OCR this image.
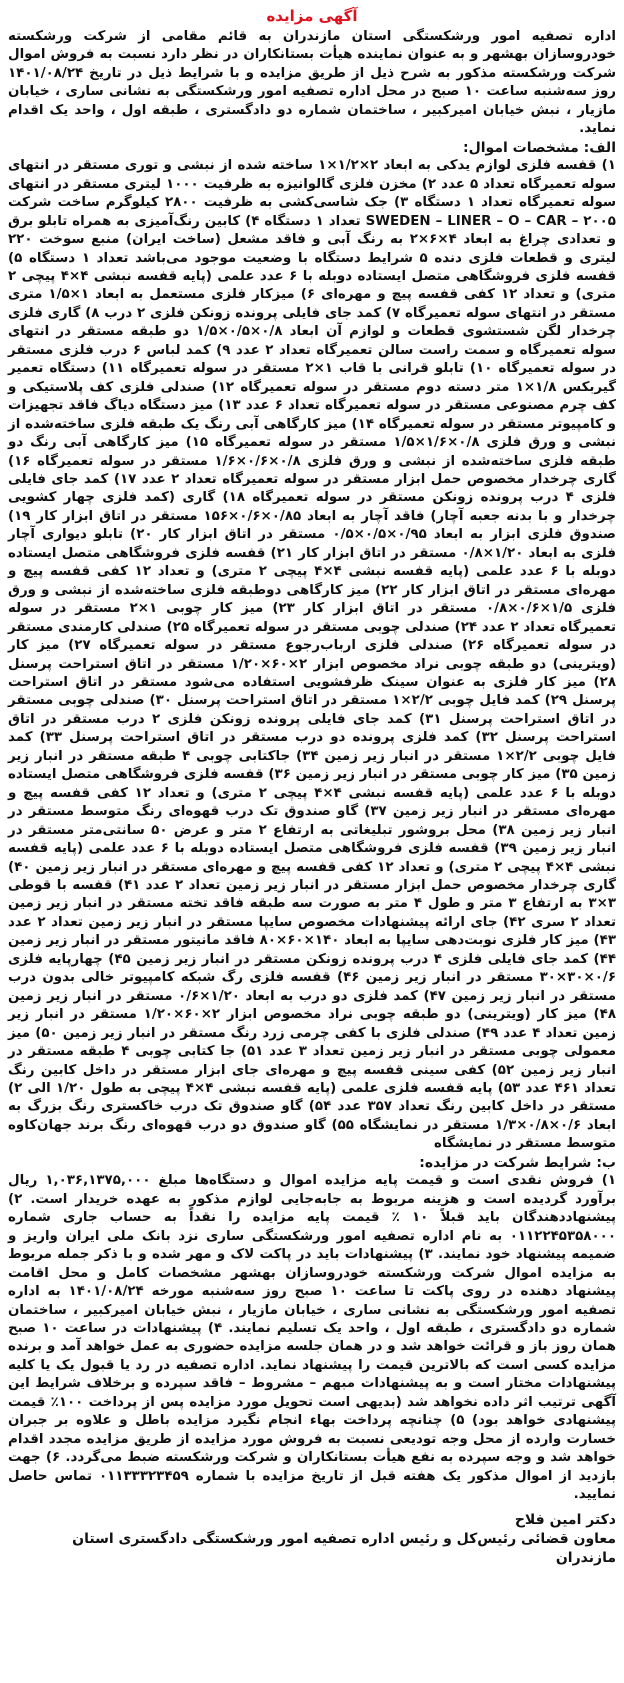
آگهی مزایده

اداره تصفیه امور ورشکستگی استان مازندران به قائم مقامی از شرکت ورشکسته خودروسازان بهشهر و به عنوان نماینده هیأت بستانکاران در نظر دارد نسبت به فروش اموال شرکت ورشکسته مذکور به شرح ذیل از طریق مزایده و با شرایط ذیل در تاریخ ۱۴۰۱/۰۸/۲۴ روز سه‌شنبه ساعت ۱۰ صبح در محل اداره تصفیه امور ورشکستگی به نشانی ساری ، خیابان مازیار ، نبش خیابان امیرکبیر ، ساختمان شماره دو دادگستری ، طبقه اول ، واحد یک اقدام نماید.

الف: مشخصات اموال:

۱) قفسه فلزی لوازم یدکی به ابعاد ۲×۱/۲×۱ ساخته شده از نبشی و توری مستقر در انتهای سوله تعمیرگاه تعداد ۵ عدد ۲) مخزن فلزی گالوانیزه به ظرفیت ۱۰۰۰ لیتری مستقر در انتهای سوله تعمیرگاه تعداد ۱ دستگاه ۳) جک شاسی‌کشی به ظرفیت ۲۸۰۰ کیلوگرم ساخت شرکت SWEDEN – LINER – O – CAR – ۲۰۰۵ تعداد ۱ دستگاه ۴) کابین رنگ‌آمیزی به همراه تابلو برق و تعدادی چراغ به ابعاد ۴×۶×۲ به رنگ آبی و فاقد مشعل (ساخت ایران) منبع سوخت ۲۲۰ لیتری و قطعات فلزی دنده ۵ شرایط دستگاه با وضعیت موجود می‌باشد تعداد ۱ دستگاه ۵) قفسه فلزی فروشگاهی متصل ایستاده دوبله با ۶ عدد علمی (پایه قفسه نبشی ۴×۴ پیچی ۲ متری) و تعداد ۱۲ کفی قفسه پیچ و مهره‌ای ۶) میزکار فلزی مستعمل به ابعاد ۱×۱/۵ متری مستقر در انتهای سوله تعمیرگاه ۷) کمد جای فایلی پرونده زونکن فلزی ۲ درب ۸) گاری فلزی چرخدار لگن شستشوی قطعات و لوازم آن ابعاد ۰/۸×۰/۵×۱/۵ دو طبقه مستقر در انتهای سوله تعمیرگاه و سمت راست سالن تعمیرگاه تعداد ۲ عدد ۹) کمد لباس ۶ درب فلزی مستقر در سوله تعمیرگاه ۱۰) تابلو قرانی با قاب ۱×۲ مستقر در سوله تعمیرگاه ۱۱) دستگاه تعمیر گیربکس ۱/۸×۱ متر دسته دوم مستقر در سوله تعمیرگاه ۱۲) صندلی فلزی کف پلاستیکی و کف چرم مصنوعی مستقر در سوله تعمیرگاه تعداد ۶ عدد ۱۳) میز دستگاه دیاگ فاقد تجهیزات و کامپیوتر مستقر در سوله تعمیرگاه ۱۴) میز کارگاهی آبی رنگ یک طبقه فلزی ساخته‌شده از نبشی و ورق فلزی ۰/۸×۱/۶×۱/۵ مستقر در سوله تعمیرگاه ۱۵) میز کارگاهی آبی رنگ دو طبقه فلزی ساخته‌شده از نبشی و ورق فلزی ۰/۸×۰/۶×۱/۶ مستقر در سوله تعمیرگاه ۱۶) گاری چرخدار مخصوص حمل ابزار مستقر در سوله تعمیرگاه تعداد ۲ عدد ۱۷) کمد جای فایلی فلزی ۴ درب پرونده زونکن مستقر در سوله تعمیرگاه ۱۸) گاری (کمد فلزی چهار کشویی چرخدار و با بدنه جعبه آچار) فاقد آچار به ابعاد ۰/۸۵×۰/۶×۱۵۶ مستقر در اتاق ابزار کار ۱۹) صندوق فلزی ابزار به ابعاد ۰/۹۵×۰/۵×۰/۵ مستقر در اتاق ابزار کار ۲۰) تابلو دیواری آچار فلزی به ابعاد ۱/۲۰×۰/۸ مستقر در اتاق ابزار کار ۲۱) قفسه فلزی فروشگاهی متصل ایستاده دوبله با ۶ عدد علمی (پایه قفسه نبشی ۴×۴ پیچی ۲ متری) و تعداد ۱۲ کفی قفسه پیچ و مهره‌ای مستقر در اتاق ابزار کار ۲۲) میز کارگاهی دوطبقه فلزی ساخته‌شده از نبشی و ورق فلزی ۱/۵×۰/۶×۰/۸ مستقر در اتاق ابزار کار ۲۳) میز کار چوبی ۱×۲ مستقر در سوله تعمیرگاه تعداد ۲ عدد ۲۴) صندلی چوبی مستقر در سوله تعمیرگاه ۲۵) صندلی کارمندی مستقر در سوله تعمیرگاه ۲۶) صندلی فلزی ارباب‌رجوع مستقر در سوله تعمیرگاه ۲۷) میز کار (ویترینی) دو طبقه چوبی نراد مخصوص ابزار ۲×۶۰×۱/۲۰ مستقر در اتاق استراحت پرسنل ۲۸) میز کار فلزی به عنوان سینک ظرفشویی استفاده می‌شود مستقر در اتاق استراحت پرسنل ۲۹) کمد فایل چوبی ۲/۲×۱ مستقر در اتاق استراحت پرسنل ۳۰) صندلی چوبی مستقر در اتاق استراحت پرسنل ۳۱) کمد جای فایلی پرونده زونکن فلزی ۲ درب مستقر در اتاق استراحت پرسنل ۳۲) کمد فلزی پرونده دو درب مستقر در اتاق استراحت پرسنل ۳۳) کمد فایل چوبی ۲/۲×۱ مستقر در انبار زیر زمین ۳۴) جاکتابی چوبی ۴ طبقه مستقر در انبار زیر زمین ۳۵) میز کار چوبی مستقر در انبار زیر زمین ۳۶) قفسه فلزی فروشگاهی متصل ایستاده دوبله با ۶ عدد علمی (پایه قفسه نبشی ۴×۴ پیچی ۲ متری) و تعداد ۱۲ کفی قفسه پیچ و مهره‌ای مستقر در انبار زیر زمین ۳۷) گاو صندوق تک درب قهوه‌ای رنگ متوسط مستقر در انبار زیر زمین ۳۸) محل بروشور تبلیغاتی به ارتفاع ۲ متر و عرض ۵۰ سانتی‌متر مستقر در انبار زیر زمین ۳۹) قفسه فلزی فروشگاهی متصل ایستاده دوبله با ۶ عدد علمی (پایه قفسه نبشی ۴×۴ پیچی ۲ متری) و تعداد ۱۲ کفی قفسه پیچ و مهره‌ای مستقر در انبار زیر زمین ۴۰) گاری چرخدار مخصوص حمل ابزار مستقر در انبار زیر زمین تعداد ۲ عدد ۴۱) قفسه با قوطی ۳×۳ به ارتفاع ۳ متر و طول ۴ متر به صورت سه طبقه فاقد تخته مستقر در انبار زیر زمین تعداد ۲ سری ۴۲) جای ارائه پیشنهادات مخصوص سایپا مستقر در انبار زیر زمین تعداد ۲ عدد ۴۳) میز کار فلزی نوبت‌دهی سایپا به ابعاد ۱۴۰×۶۰×۸۰ فاقد مانیتور مستقر در انبار زیر زمین ۴۴) کمد جای فایلی فلزی ۴ درب پرونده زونکن مستقر در انبار زیر زمین ۴۵) چهارپایه فلزی ۰/۶×۳۰×۳۰ مستقر در انبار زیر زمین ۴۶) قفسه فلزی رگ شبکه کامپیوتر خالی بدون درب مستقر در انبار زیر زمین ۴۷) کمد فلزی دو درب به ابعاد ۱/۲۰×۰/۶ مستقر در انبار زیر زمین ۴۸) میز کار (ویترینی) دو طبقه چوبی نراد مخصوص ابزار ۲×۶۰×۱/۲۰ مستقر در انبار زیر زمین تعداد ۴ عدد ۴۹) صندلی فلزی با کفی چرمی زرد رنگ مستقر در انبار زیر زمین ۵۰) میز معمولی چوبی مستقر در انبار زیر زمین تعداد ۳ عدد ۵۱) جا کتابی چوبی ۴ طبقه مستقر در انبار زیر زمین ۵۲) کفی سینی قفسه پیچ و مهره‌ای جای ابزار مستقر در داخل کابین رنگ تعداد ۴۶۱ عدد ۵۳) پایه قفسه فلزی علمی (پایه قفسه نبشی ۴×۴ پیچی به طول ۱/۲۰ الی ۲) مستقر در داخل کابین رنگ تعداد ۳۵۷ عدد ۵۴) گاو صندوق تک درب خاکستری رنگ بزرگ به ابعاد ۰/۶×۰/۸×۱/۳ مستقر در نمایشگاه ۵۵) گاو صندوق دو درب قهوه‌ای رنگ برند جهان‌کاوه متوسط مستقر در نمایشگاه

ب: شرایط شرکت در مزایده:

۱) فروش نقدی است و قیمت پایه مزایده اموال و دستگاه‌ها مبلغ ۱,۰۳۶,۱۳۷۵,۰۰۰ ریال برآورد گردیده است و هزینه مربوط به جابه‌جایی لوازم مذکور به عهده خریدار است. ۲) پیشنهاددهندگان باید قبلاً ۱۰ ٪ قیمت پایه مزایده را نقداً به حساب جاری شماره ۰۱۱۲۲۴۵۳۵۸۰۰۰ به نام اداره تصفیه امور ورشکستگی ساری نزد بانک ملی ایران واریز و ضمیمه پیشنهاد خود نمایند. ۳) پیشنهادات باید در پاکت لاک و مهر شده و با ذکر جمله مربوط به مزایده اموال شرکت ورشکسته خودروسازان بهشهر مشخصات کامل و محل اقامت پیشنهاد دهنده در روی پاکت تا ساعت ۱۰ صبح روز سه‌شنبه مورخه ۱۴۰۱/۰۸/۲۴ به اداره تصفیه امور ورشکستگی به نشانی ساری ، خیابان مازیار ، نبش خیابان امیرکبیر ، ساختمان شماره دو دادگستری ، طبقه اول ، واحد یک تسلیم نمایند. ۴) پیشنهادات در ساعت ۱۰ صبح همان روز باز و قرائت خواهد شد و در همان جلسه مزایده حضوری به عمل خواهد آمد و برنده مزایده کسی است که بالاترین قیمت را پیشنهاد نماید. اداره تصفیه در رد یا قبول یک یا کلیه پیشنهادات مختار است و به پیشنهادات مبهم – مشروط – فاقد سپرده و برخلاف شرایط این آگهی ترتیب اثر داده نخواهد شد (بدیهی است تحویل مورد مزایده پس از پرداخت ۱۰۰٪ قیمت پیشنهادی خواهد بود) ۵) چنانچه پرداخت بهاء انجام نگیرد مزایده باطل و علاوه بر جبران خسارت وارده از محل وجه تودیعی نسبت به فروش مورد مزایده از طریق مزایده مجدد اقدام خواهد شد و وجه سپرده به نفع هیأت بستانکاران و شرکت ورشکسته ضبط می‌گردد. ۶) جهت بازدید از اموال مذکور یک هفته قبل از تاریخ مزایده با شماره ۰۱۱۳۳۳۲۳۴۵۹ تماس حاصل نمایید.

دکتر امین فلاح

معاون قضائی رئیس‌کل و رئیس اداره تصفیه امور ورشکستگی دادگستری استان مازندران
